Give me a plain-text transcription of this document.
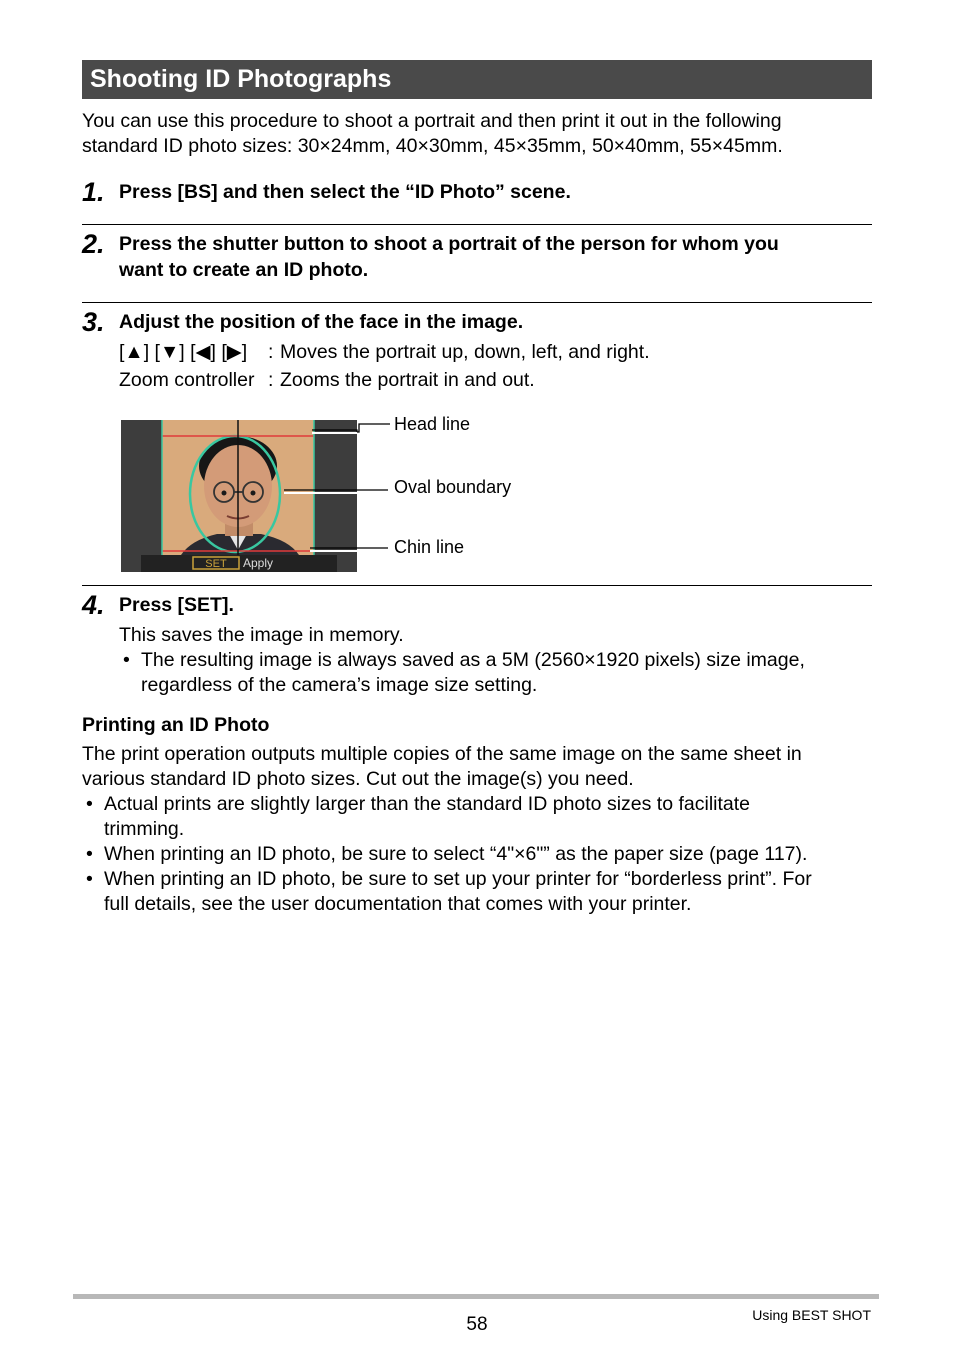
Shooting ID Photographs
You can use this procedure to shoot a portrait and then print it out in the following
standard ID photo sizes: 30×24mm, 40×30mm, 45×35mm, 50×40mm, 55×45mm.
1. Press [BS] and then select the “ID Photo” scene.
2. Press the shutter button to shoot a portrait of the person for whom you
want to create an ID photo.
3. Adjust the position of the face in the image.
[▲] [▼] [◀] [▶] : Moves the portrait up, down, left, and right.
Zoom controller : Zooms the portrait in and out.
SET Apply
Head line
Oval boundary
Chin line
4. Press [SET].
This saves the image in memory.
• The resulting image is always saved as a 5M (2560×1920 pixels) size image,
regardless of the camera’s image size setting.
Printing an ID Photo
The print operation outputs multiple copies of the same image on the same sheet in
various standard ID photo sizes. Cut out the image(s) you need.
• Actual prints are slightly larger than the standard ID photo sizes to facilitate
trimming.
• When printing an ID photo, be sure to select “4"×6"” as the paper size (page 117).
• When printing an ID photo, be sure to set up your printer for “borderless print”. For
full details, see the user documentation that comes with your printer.
58	Using BEST SHOT
